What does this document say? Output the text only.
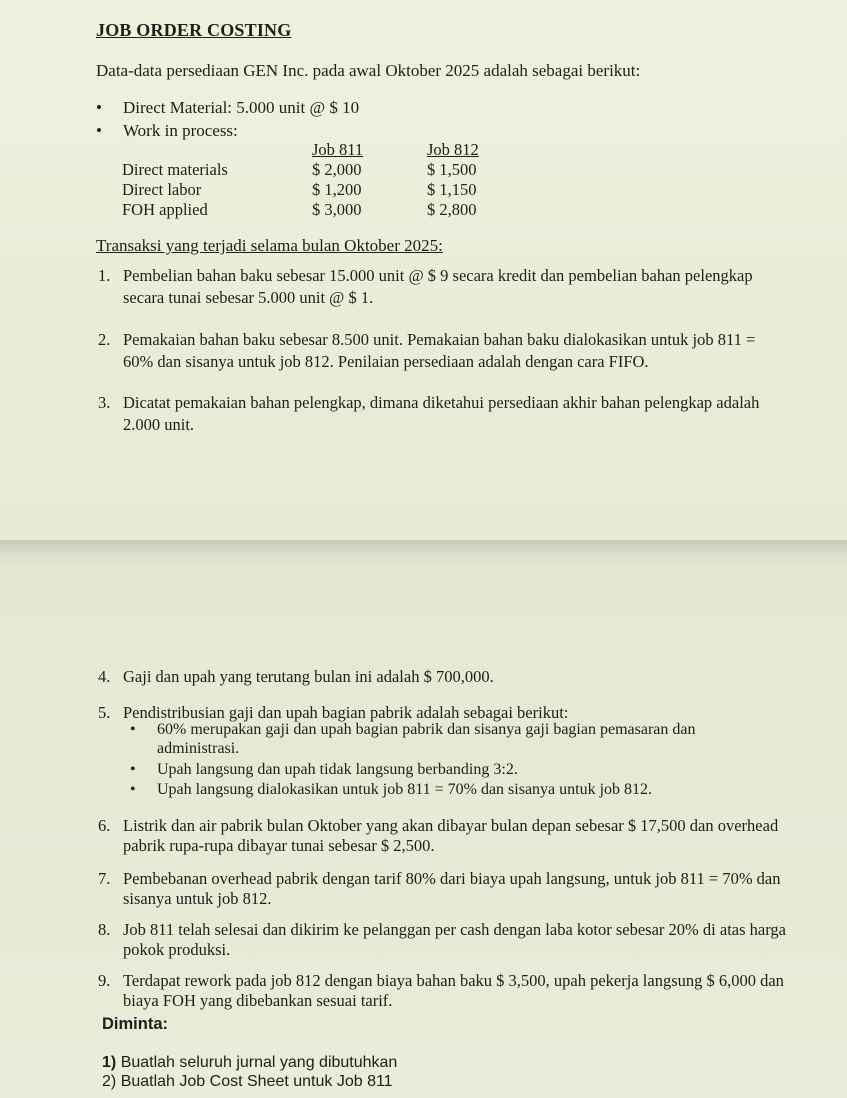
JOB ORDER COSTING
Data-data persediaan GEN Inc. pada awal Oktober 2025 adalah sebagai berikut:
• Direct Material: 5.000 unit @ $ 10
• Work in process:
	Job 811	Job 812
Direct materials	$ 2,000	$ 1,500
Direct labor	$ 1,200	$ 1,150
FOH applied	$ 3,000	$ 2,800
Transaksi yang terjadi selama bulan Oktober 2025:
1. Pembelian bahan baku sebesar 15.000 unit @ $ 9 secara kredit dan pembelian bahan pelengkap secara tunai sebesar 5.000 unit @ $ 1.
2. Pemakaian bahan baku sebesar 8.500 unit. Pemakaian bahan baku dialokasikan untuk job 811 = 60% dan sisanya untuk job 812. Penilaian persediaan adalah dengan cara FIFO.
3. Dicatat pemakaian bahan pelengkap, dimana diketahui persediaan akhir bahan pelengkap adalah 2.000 unit.
4. Gaji dan upah yang terutang bulan ini adalah $ 700,000.
5. Pendistribusian gaji dan upah bagian pabrik adalah sebagai berikut:
• 60% merupakan gaji dan upah bagian pabrik dan sisanya gaji bagian pemasaran dan administrasi.
• Upah langsung dan upah tidak langsung berbanding 3:2.
• Upah langsung dialokasikan untuk job 811 = 70% dan sisanya untuk job 812.
6. Listrik dan air pabrik bulan Oktober yang akan dibayar bulan depan sebesar $ 17,500 dan overhead pabrik rupa-rupa dibayar tunai sebesar $ 2,500.
7. Pembebanan overhead pabrik dengan tarif 80% dari biaya upah langsung, untuk job 811 = 70% dan sisanya untuk job 812.
8. Job 811 telah selesai dan dikirim ke pelanggan per cash dengan laba kotor sebesar 20% di atas harga pokok produksi.
9. Terdapat rework pada job 812 dengan biaya bahan baku $ 3,500, upah pekerja langsung $ 6,000 dan biaya FOH yang dibebankan sesuai tarif.
Diminta:
1) Buatlah seluruh jurnal yang dibutuhkan
2) Buatlah Job Cost Sheet untuk Job 811
